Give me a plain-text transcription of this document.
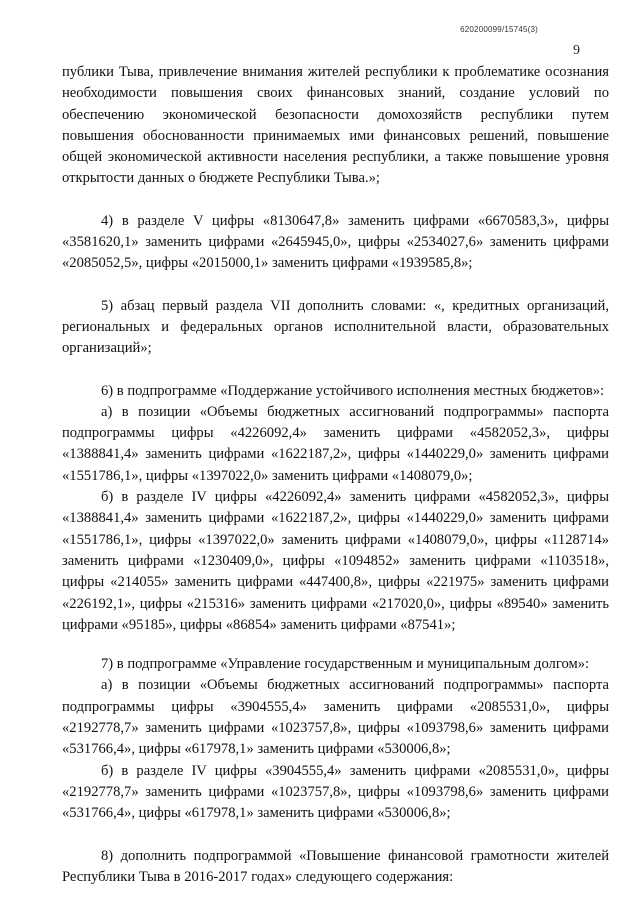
620200099/15745(3)
9

публики Тыва, привлечение внимания жителей республики к проблематике осознания необходимости повышения своих финансовых знаний, создание условий по обеспечению экономической безопасности домохозяйств республики путем повышения обоснованности принимаемых ими финансовых решений, повышение общей экономической активности населения республики, а также повышение уровня открытости данных о бюджете Республики Тыва.»;

4) в разделе V цифры «8130647,8» заменить цифрами «6670583,3», цифры «3581620,1» заменить цифрами «2645945,0», цифры «2534027,6» заменить цифрами «2085052,5», цифры «2015000,1» заменить цифрами «1939585,8»;

5) абзац первый раздела VII дополнить словами: «, кредитных организаций, региональных и федеральных органов исполнительной власти, образовательных организаций»;

6) в подпрограмме «Поддержание устойчивого исполнения местных бюджетов»:

а) в позиции «Объемы бюджетных ассигнований подпрограммы» паспорта подпрограммы цифры «4226092,4» заменить цифрами «4582052,3», цифры «1388841,4» заменить цифрами «1622187,2», цифры «1440229,0» заменить цифрами «1551786,1», цифры «1397022,0» заменить цифрами «1408079,0»;

б) в разделе IV цифры «4226092,4» заменить цифрами «4582052,3», цифры «1388841,4» заменить цифрами «1622187,2», цифры «1440229,0» заменить цифрами «1551786,1», цифры «1397022,0» заменить цифрами «1408079,0», цифры «1128714» заменить цифрами «1230409,0», цифры «1094852» заменить цифрами «1103518», цифры «214055» заменить цифрами «447400,8», цифры «221975» заменить цифрами «226192,1», цифры «215316» заменить цифрами «217020,0», цифры «89540» заменить цифрами «95185», цифры «86854» заменить цифрами «87541»;

7) в подпрограмме «Управление государственным и муниципальным долгом»:

а) в позиции «Объемы бюджетных ассигнований подпрограммы» паспорта подпрограммы цифры «3904555,4» заменить цифрами «2085531,0», цифры «2192778,7» заменить цифрами «1023757,8», цифры «1093798,6» заменить цифрами «531766,4», цифры «617978,1» заменить цифрами «530006,8»;

б) в разделе IV цифры «3904555,4» заменить цифрами «2085531,0», цифры «2192778,7» заменить цифрами «1023757,8», цифры «1093798,6» заменить цифрами «531766,4», цифры «617978,1» заменить цифрами «530006,8»;

8) дополнить подпрограммой «Повышение финансовой грамотности жителей Республики Тыва в 2016-2017 годах» следующего содержания:
